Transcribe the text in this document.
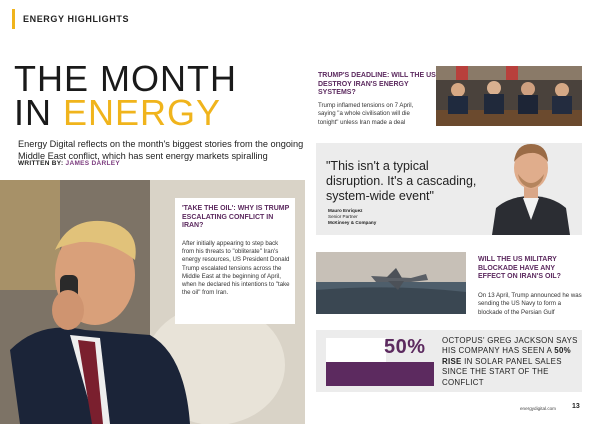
ENERGY HIGHLIGHTS
THE MONTH
IN ENERGY

Energy Digital reflects on the month's biggest stories from the ongoing Middle East conflict, which has sent energy markets spiralling

WRITTEN BY: JAMES DARLEY

'TAKE THE OIL': WHY IS TRUMP ESCALATING CONFLICT IN IRAN?
After initially appearing to step back from his threats to "obliterate" Iran's energy resources, US President Donald Trump escalated tensions across the Middle East at the beginning of April, when he declared his intentions to "take the oil" from Iran.
TRUMP'S DEADLINE: WILL THE US DESTROY IRAN'S ENERGY SYSTEMS?
Trump inflamed tensions on 7 April, saying "a whole civilisation will die tonight" unless Iran made a deal
"This isn't a typical disruption. It's a cascading, system-wide event"
Mauro Enriquez
Senior Partner
McKinsey & Company
WILL THE US MILITARY BLOCKADE HAVE ANY EFFECT ON IRAN'S OIL?
On 13 April, Trump announced he was sending the US Navy to form a blockade of the Persian Gulf
50% OCTOPUS' GREG JACKSON SAYS HIS COMPANY HAS SEEN A 50% RISE IN SOLAR PANEL SALES SINCE THE START OF THE CONFLICT
energydigital.com 13
